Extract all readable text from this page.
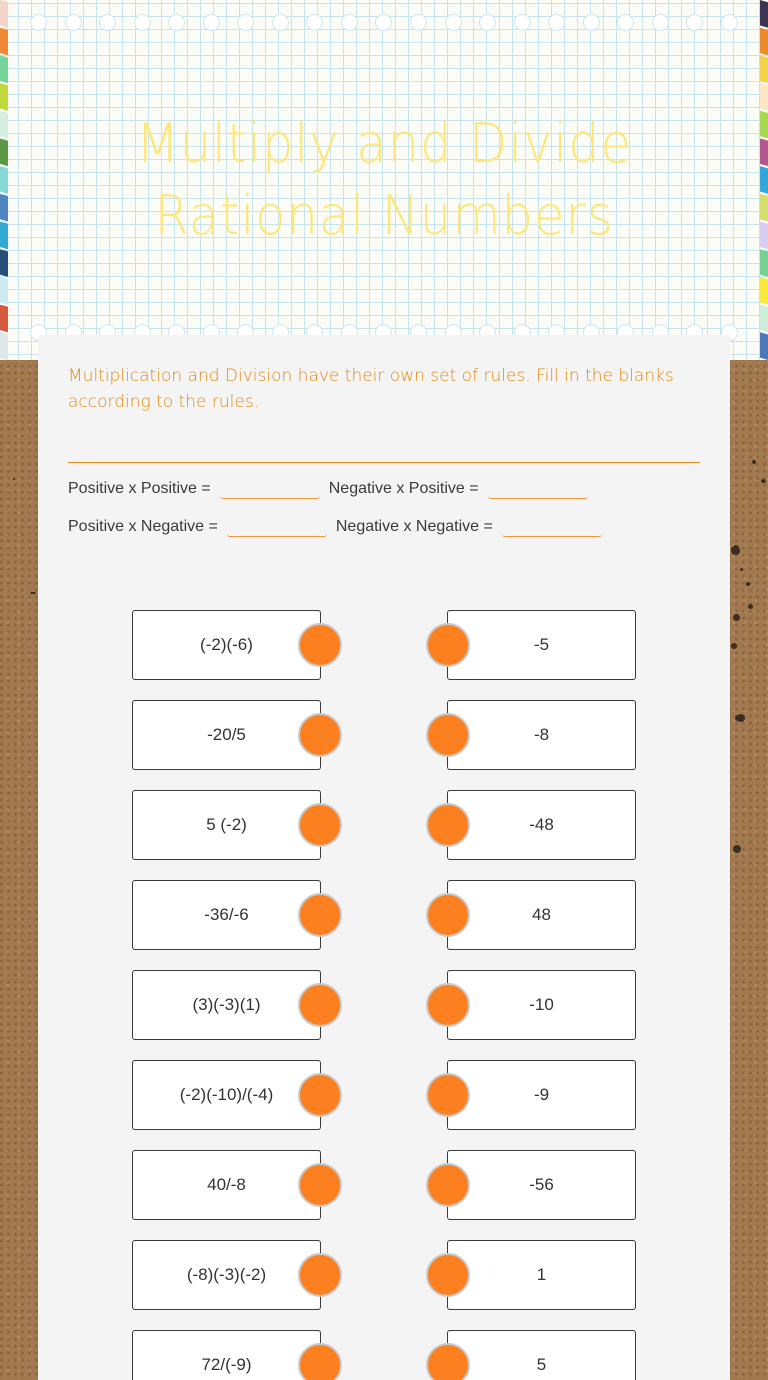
Multiply and Divide
Rational Numbers

Multiplication and Division have their own set of rules. Fill in the blanks according to the rules.

Positive x Positive =	Negative x Positive =
Positive x Negative =	Negative x Negative =
(-2)(-6)	-5
-20/5	-8
5 (-2)	-48
-36/-6	48
(3)(-3)(1)	-10
(-2)(-10)/(-4)	-9
40/-8	-56
(-8)(-3)(-2)	1
72/(-9)	5
